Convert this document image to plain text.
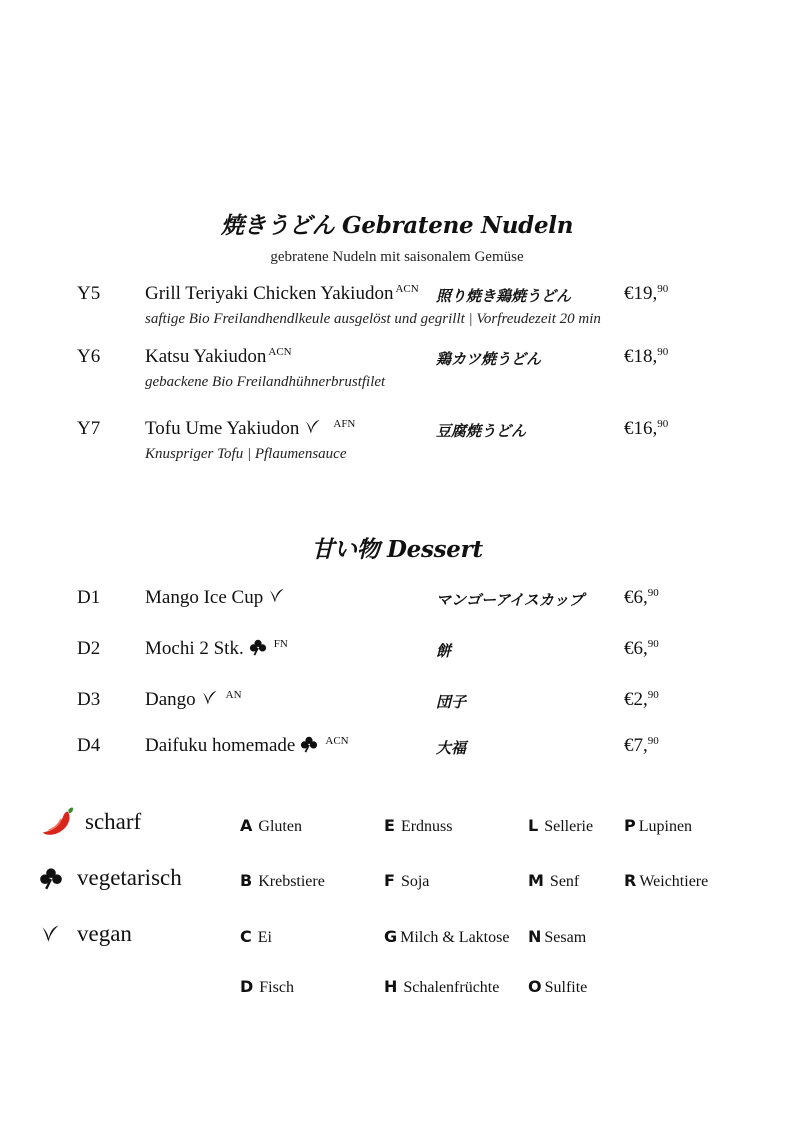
焼きうどん Gebratene Nudeln
gebratene Nudeln mit saisonalem Gemüse
Y5 Grill Teriyaki Chicken Yakiudon $^{ACN}$ 照り焼き鶏焼うどん	€19,90
saftige Bio Freilandhendlkeule ausgelöst und gegrillt | Vorfreudezeit 20 min
Y6 Katsu Yakiudon $^{ACN}$	鶏カツ焼うどん	€18,90
gebackene Bio Freilandhühnerbrustfilet
Y7 Tofu Ume Yakiudon	$^{AFN}$	豆腐焼うどん	€16,90
Knuspriger Tofu | Pflaumensauce
甘い物 Dessert
D1 Mango Ice Cup	マンゴーアイスカップ €6,90
D2 Mochi 2 Stk.	$^{FN}$	餅	€6,90
D3 Dango	$^{AN}$	団子	€2,90
D4 Daifuku homemade	$^{ACN}$	大福	€7,90
scharf
vegetarisch
vegan
A Gluten
B Krebstiere
C Ei
D Fisch
E Erdnuss
F Soja
G Milch & Laktose
H Schalenfrüchte
L Sellerie
M Senf
N Sesam
O Sulfite
P Lupinen
R Weichtiere
